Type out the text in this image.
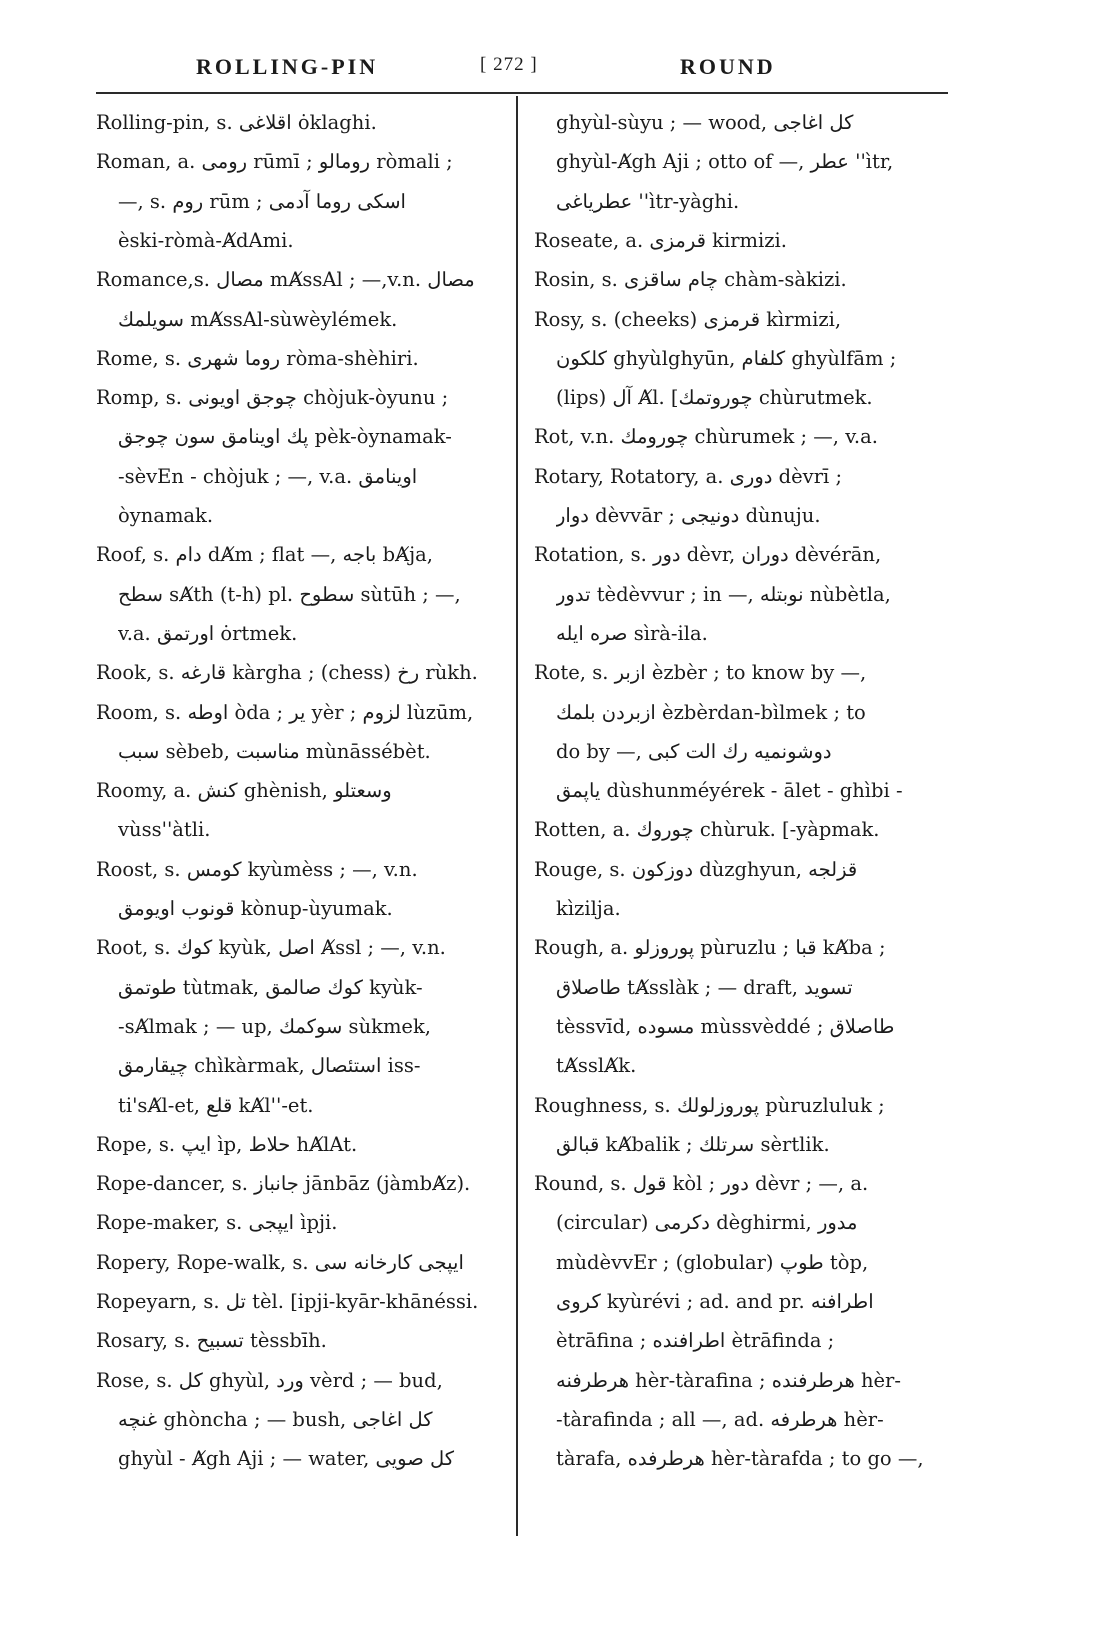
ROLLING-PIN	[ 272 ]	ROUND
Rolling-pin, s. اقلاغى ȯklaghi.
Roman, a. رومى rūmī ; رومالو ròmali ;
—, s. روم rūm ; اسكى روما آدمى
èski-ròmà-ȺdAmi.
Romance,s. مصال mȺssAl ; —,v.n. مصال
سويلمك mȺssAl-sùwèylémek.
Rome, s. روما شهرى ròma-shèhiri.
Romp, s. چوجق اويونى chòjuk-òyunu ;
پك اوينامق سون چوجق pèk-òynamak-
-sèvEn - chòjuk ; —, v.a. اوينامق
òynamak.
Roof, s. دام dȺm ; flat —, باجه bȺja,
سطح sȺth (t-h) pl. سطوح sùtūh ; —,
v.a. اورتمق ȯrtmek.
Rook, s. قارغه kàrgha ; (chess) رخ rùkh.
Room, s. اوطه òda ; ير yèr ; لزوم lùzūm,
سبب sèbeb, مناسبت mùnāssébèt.
Roomy, a. كنش ghènish, وسعتلو
vùss''àtli.
Roost, s. كومس kyùmèss ; —, v.n.
قونوب اويومق kònup-ùyumak.
Root, s. كوك kyùk, اصل Ⱥssl ; —, v.n.
طوتمق tùtmak, كوك صالمق kyùk-
-sȺlmak ; — up, سوكمك sùkmek,
چيقارمق chìkàrmak, استئصال iss-
ti'sȺl-et, قلع kȺl''-et.
Rope, s. ايپ ìp, حلاط hȺlAt.
Rope-dancer, s. جانباز jānbāz (jàmbȺz).
Rope-maker, s. ايپجى ìpji.
Ropery, Rope-walk, s. ايپجى كارخانه سى
Ropeyarn, s. تل tèl. [ipji-kyār-khānéssi.
Rosary, s. تسبيح tèssbīh.
Rose, s. كل ghyùl, ورد vèrd ; — bud,
غنچه ghòncha ; — bush, كل اغاجى
ghyùl - Ⱥgh Aji ; — water, كل صويى
ghyùl-sùyu ; — wood, كل اغاجى
ghyùl-Ⱥgh Aji ; otto of —, عطر ''ìtr,
عطرياغى ''ìtr-yàghi.
Roseate, a. قرمزى kirmizi.
Rosin, s. چام ساقزى chàm-sàkizi.
Rosy, s. (cheeks) قرمزى kìrmizi,
كلكون ghyùlghyūn, كلفام ghyùlfām ;
(lips) آل Ⱥl. [چوروتمك chùrutmek.
Rot, v.n. چورومك chùrumek ; —, v.a.
Rotary, Rotatory, a. دورى dèvrī ;
دوار dèvvār ; دونيجى dùnuju.
Rotation, s. دور dèvr, دوران dèvérān,
تدور tèdèvvur ; in —, نوبتله nùbètla,
صره ايله sìrà-ila.
Rote, s. ازبر èzbèr ; to know by —,
ازبردن بلمك èzbèrdan-bìlmek ; to
do by —, دوشونميه رك الت كبى
ياپمق dùshunméyérek - ālet - ghìbi -
Rotten, a. چوروك chùruk. [-yàpmak.
Rouge, s. دوزكون dùzghyun, قزلجه
kìzilja.
Rough, a. پوروزلو pùruzlu ; قبا kȺba ;
طاصلاق tȺsslàk ; — draft, تسويد
tèssvīd, مسوده mùssvèddé ; طاصلاق
tȺsslȺk.
Roughness, s. پوروزلولك pùruzluluk ;
قبالق kȺbalik ; سرتلك sèrtlik.
Round, s. قول kòl ; دور dèvr ; —, a.
(circular) دكرمى dèghirmi, مدور
mùdèvvEr ; (globular) طوپ tòp,
كروى kyùrévi ; ad. and pr. اطرافنه
ètrāfina ; اطرافنده ètrāfinda ;
هرطرفنه hèr-tàrafina ; هرطرفنده hèr-
-tàrafinda ; all —, ad. هرطرفه hèr-
tàrafa, هرطرفده hèr-tàrafda ; to go —,
